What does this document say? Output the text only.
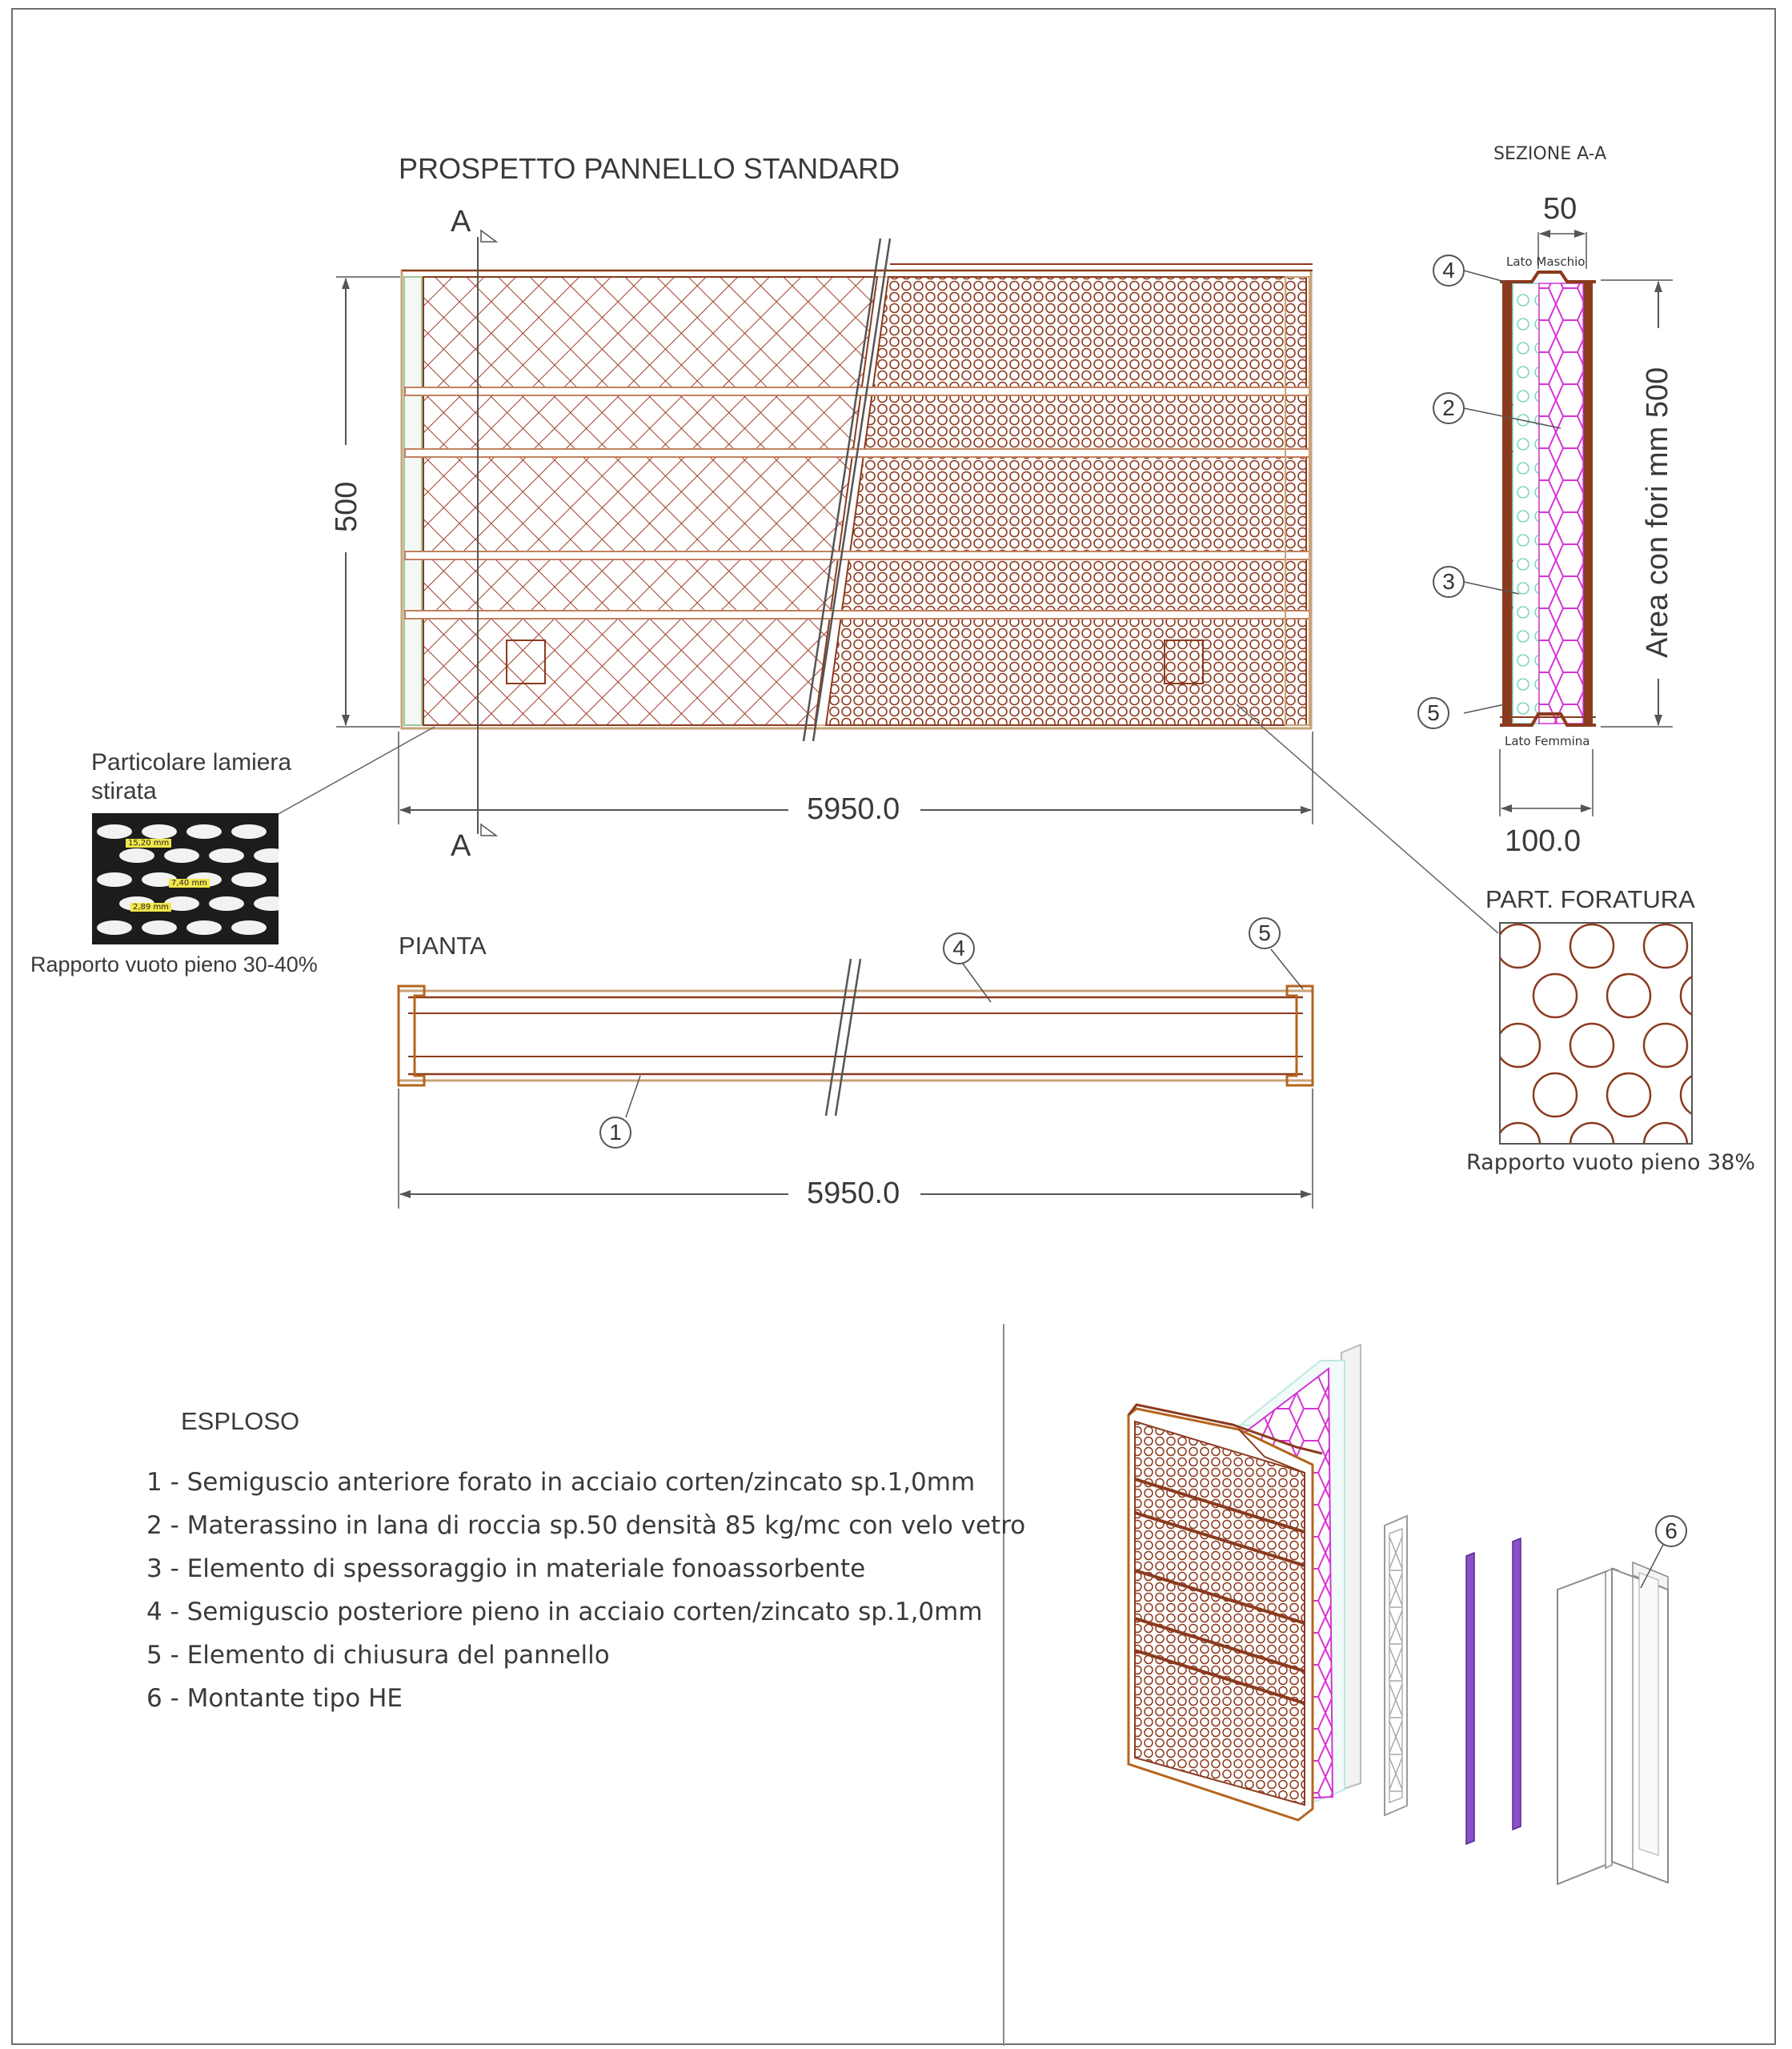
PROSPETTO PANNELLO STANDARD
A
A
500
5950.0
Particolare lamiera
stirata
15,20 mm
7,40 mm
2,89 mm
Rapporto vuoto pieno 30-40%
PIANTA
5950.0
SEZIONE A-A
50
Lato Maschio
Lato Femmina
100.0
Area con fori mm 500
PART. FORATURA
Rapporto vuoto pieno 38%
4
2
3
5
4
5
1
6
ESPLOSO
1 - Semiguscio anteriore forato in acciaio corten/zincato sp.1,0mm
2 - Materassino in lana di roccia sp.50 densità 85 kg/mc con velo vetro
3 - Elemento di spessoraggio in materiale fonoassorbente
4 - Semiguscio posteriore pieno in acciaio corten/zincato sp.1,0mm
5 - Elemento di chiusura del pannello
6 - Montante tipo HE
